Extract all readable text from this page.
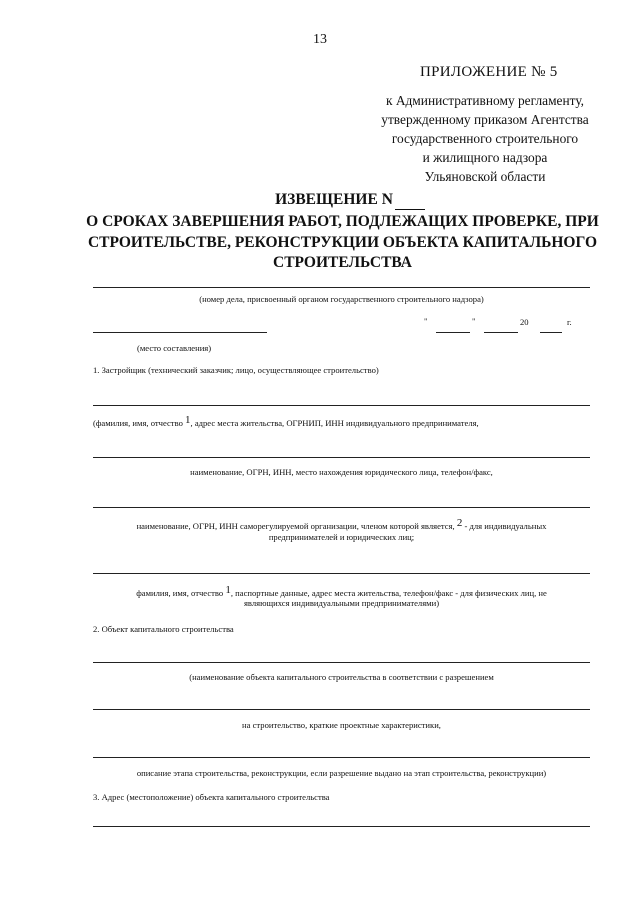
13
ПРИЛОЖЕНИЕ № 5
к Административному регламенту,
утвержденному приказом Агентства
государственного строительного
и жилищного надзора
Ульяновской области
ИЗВЕЩЕНИЕ N
О СРОКАХ ЗАВЕРШЕНИЯ РАБОТ, ПОДЛЕЖАЩИХ ПРОВЕРКЕ, ПРИ
СТРОИТЕЛЬСТВЕ, РЕКОНСТРУКЦИИ ОБЪЕКТА КАПИТАЛЬНОГО
СТРОИТЕЛЬСТВА
(номер дела, присвоенный органом государственного строительного надзора)
"	"	20	г.
(место составления)
1. Застройщик (технический заказчик; лицо, осуществляющее строительство)
(фамилия, имя, отчество 1, адрес места жительства, ОГРНИП, ИНН индивидуального предпринимателя,
наименование, ОГРН, ИНН, место нахождения юридического лица, телефон/факс,
наименование, ОГРН, ИНН саморегулируемой организации, членом которой является, 2 - для индивидуальных
предпринимателей и юридических лиц;
фамилия, имя, отчество 1, паспортные данные, адрес места жительства, телефон/факс - для физических лиц, не
являющихся индивидуальными предпринимателями)
2. Объект капитального строительства
(наименование объекта капитального строительства в соответствии с разрешением
на строительство, краткие проектные характеристики,
описание этапа строительства, реконструкции, если разрешение выдано на этап строительства, реконструкции)
3. Адрес (местоположение) объекта капитального строительства
